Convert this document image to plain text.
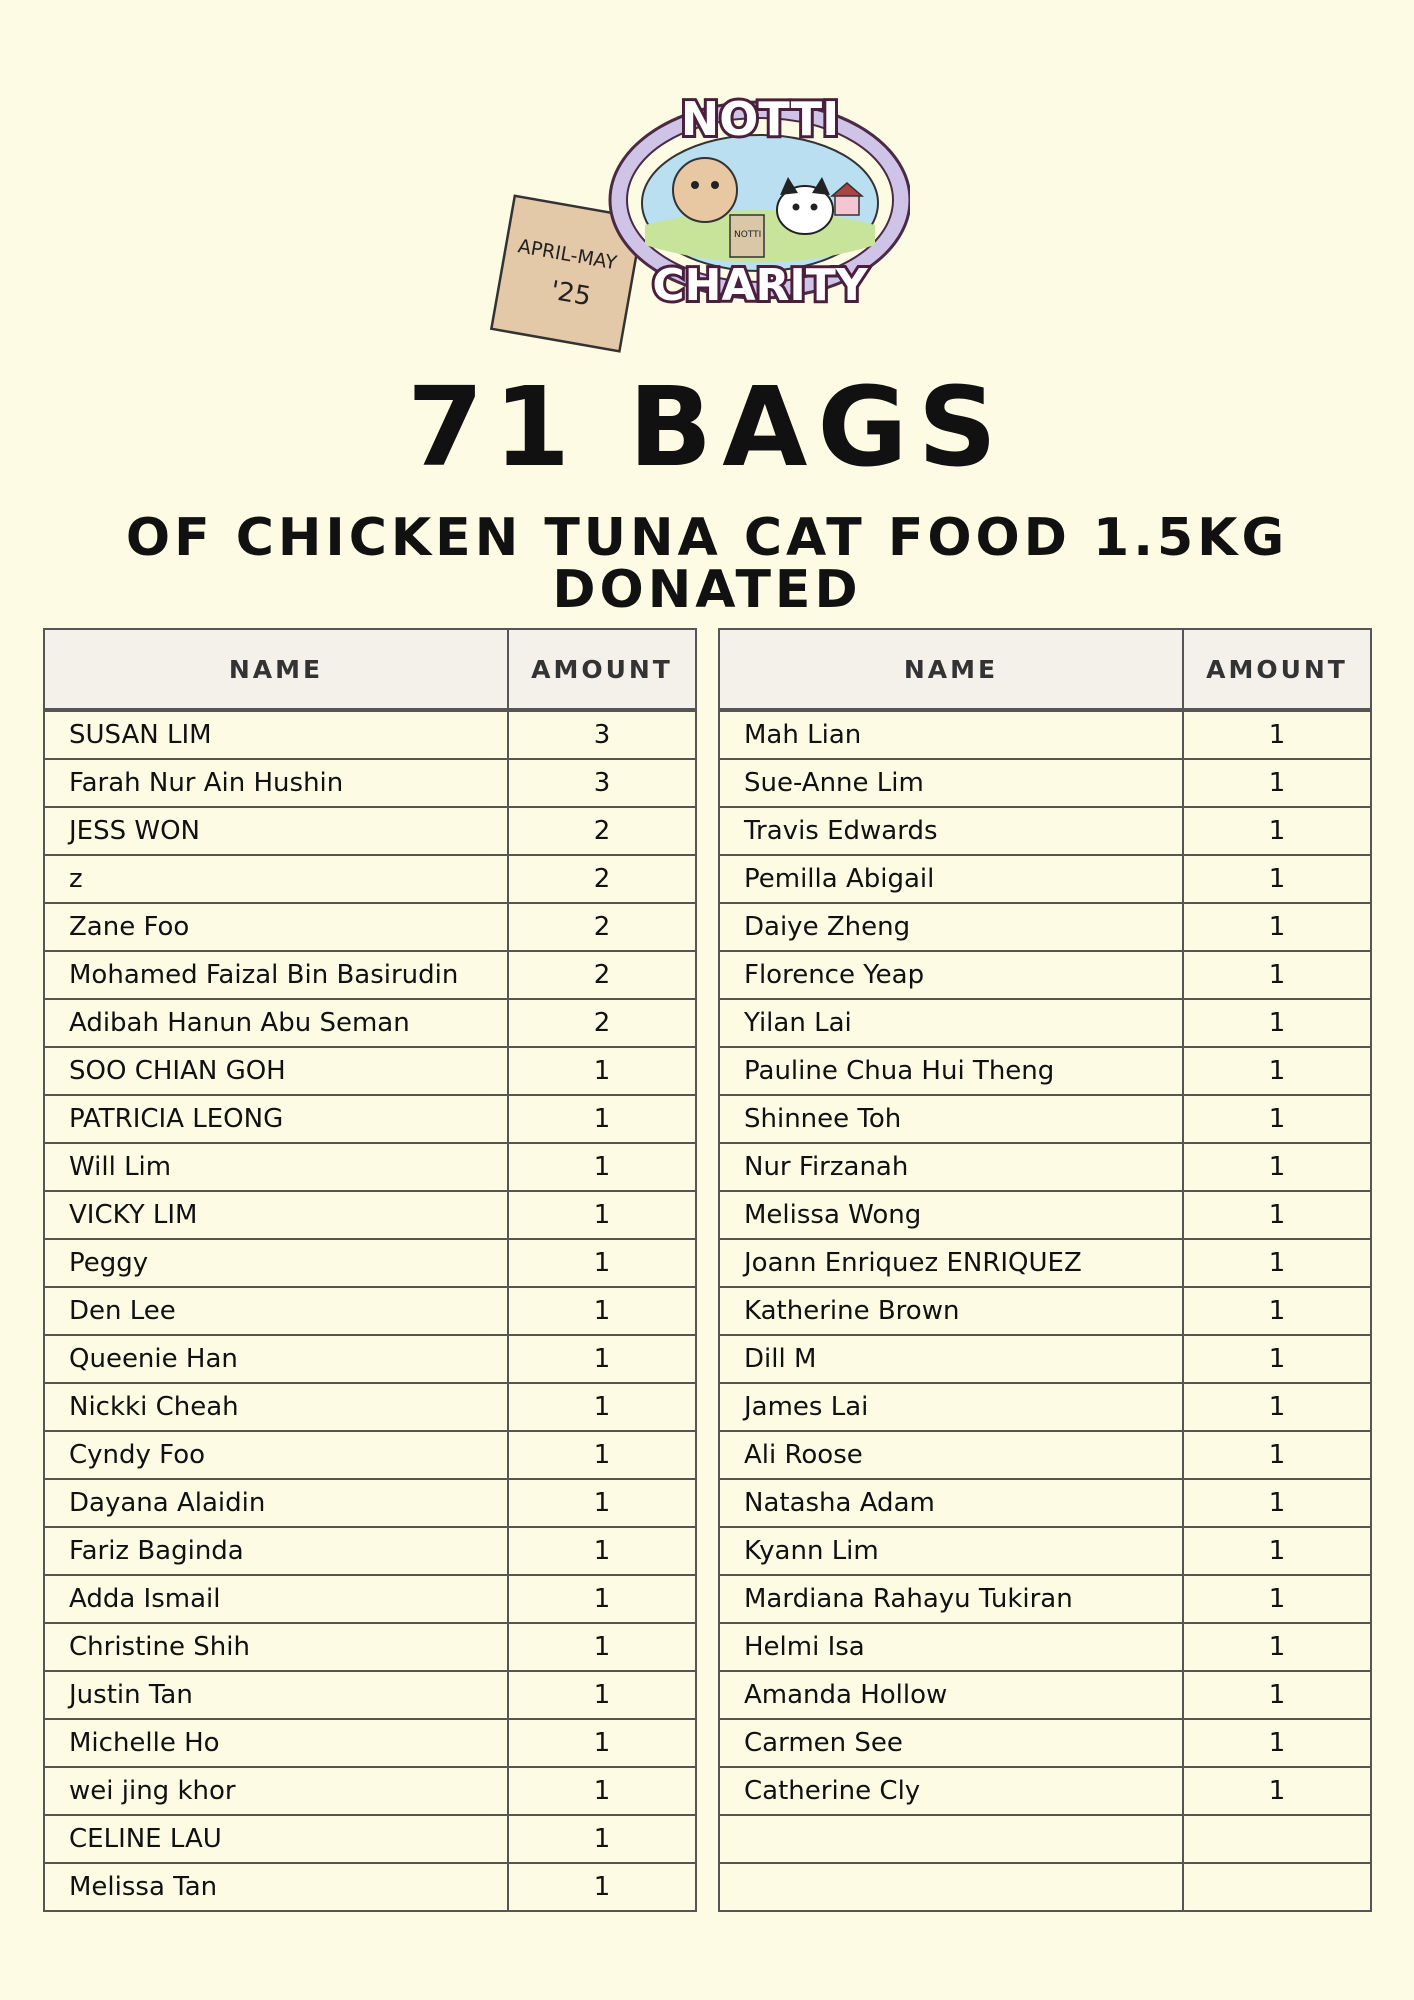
APRIL-MAY
'25
NOTTI
NOTTI
CHARITY
71 BAGS
OF CHICKEN TUNA CAT FOOD 1.5KG DONATED
NAME	AMOUNT
SUSAN LIM	3
Farah Nur Ain Hushin	3
JESS WON	2
z	2
Zane Foo	2
Mohamed Faizal Bin Basirudin	2
Adibah Hanun Abu Seman	2
SOO CHIAN GOH	1
PATRICIA LEONG	1
Will Lim	1
VICKY LIM	1
Peggy	1
Den Lee	1
Queenie Han	1
Nickki Cheah	1
Cyndy Foo	1
Dayana Alaidin	1
Fariz Baginda	1
Adda Ismail	1
Christine Shih	1
Justin Tan	1
Michelle Ho	1
wei jing khor	1
CELINE LAU	1
Melissa Tan	1
NAME	AMOUNT
Mah Lian	1
Sue-Anne Lim	1
Travis Edwards	1
Pemilla Abigail	1
Daiye Zheng	1
Florence Yeap	1
Yilan Lai	1
Pauline Chua Hui Theng	1
Shinnee Toh	1
Nur Firzanah	1
Melissa Wong	1
Joann Enriquez ENRIQUEZ	1
Katherine Brown	1
Dill M	1
James Lai	1
Ali Roose	1
Natasha Adam	1
Kyann Lim	1
Mardiana Rahayu Tukiran	1
Helmi Isa	1
Amanda Hollow	1
Carmen See	1
Catherine Cly	1
